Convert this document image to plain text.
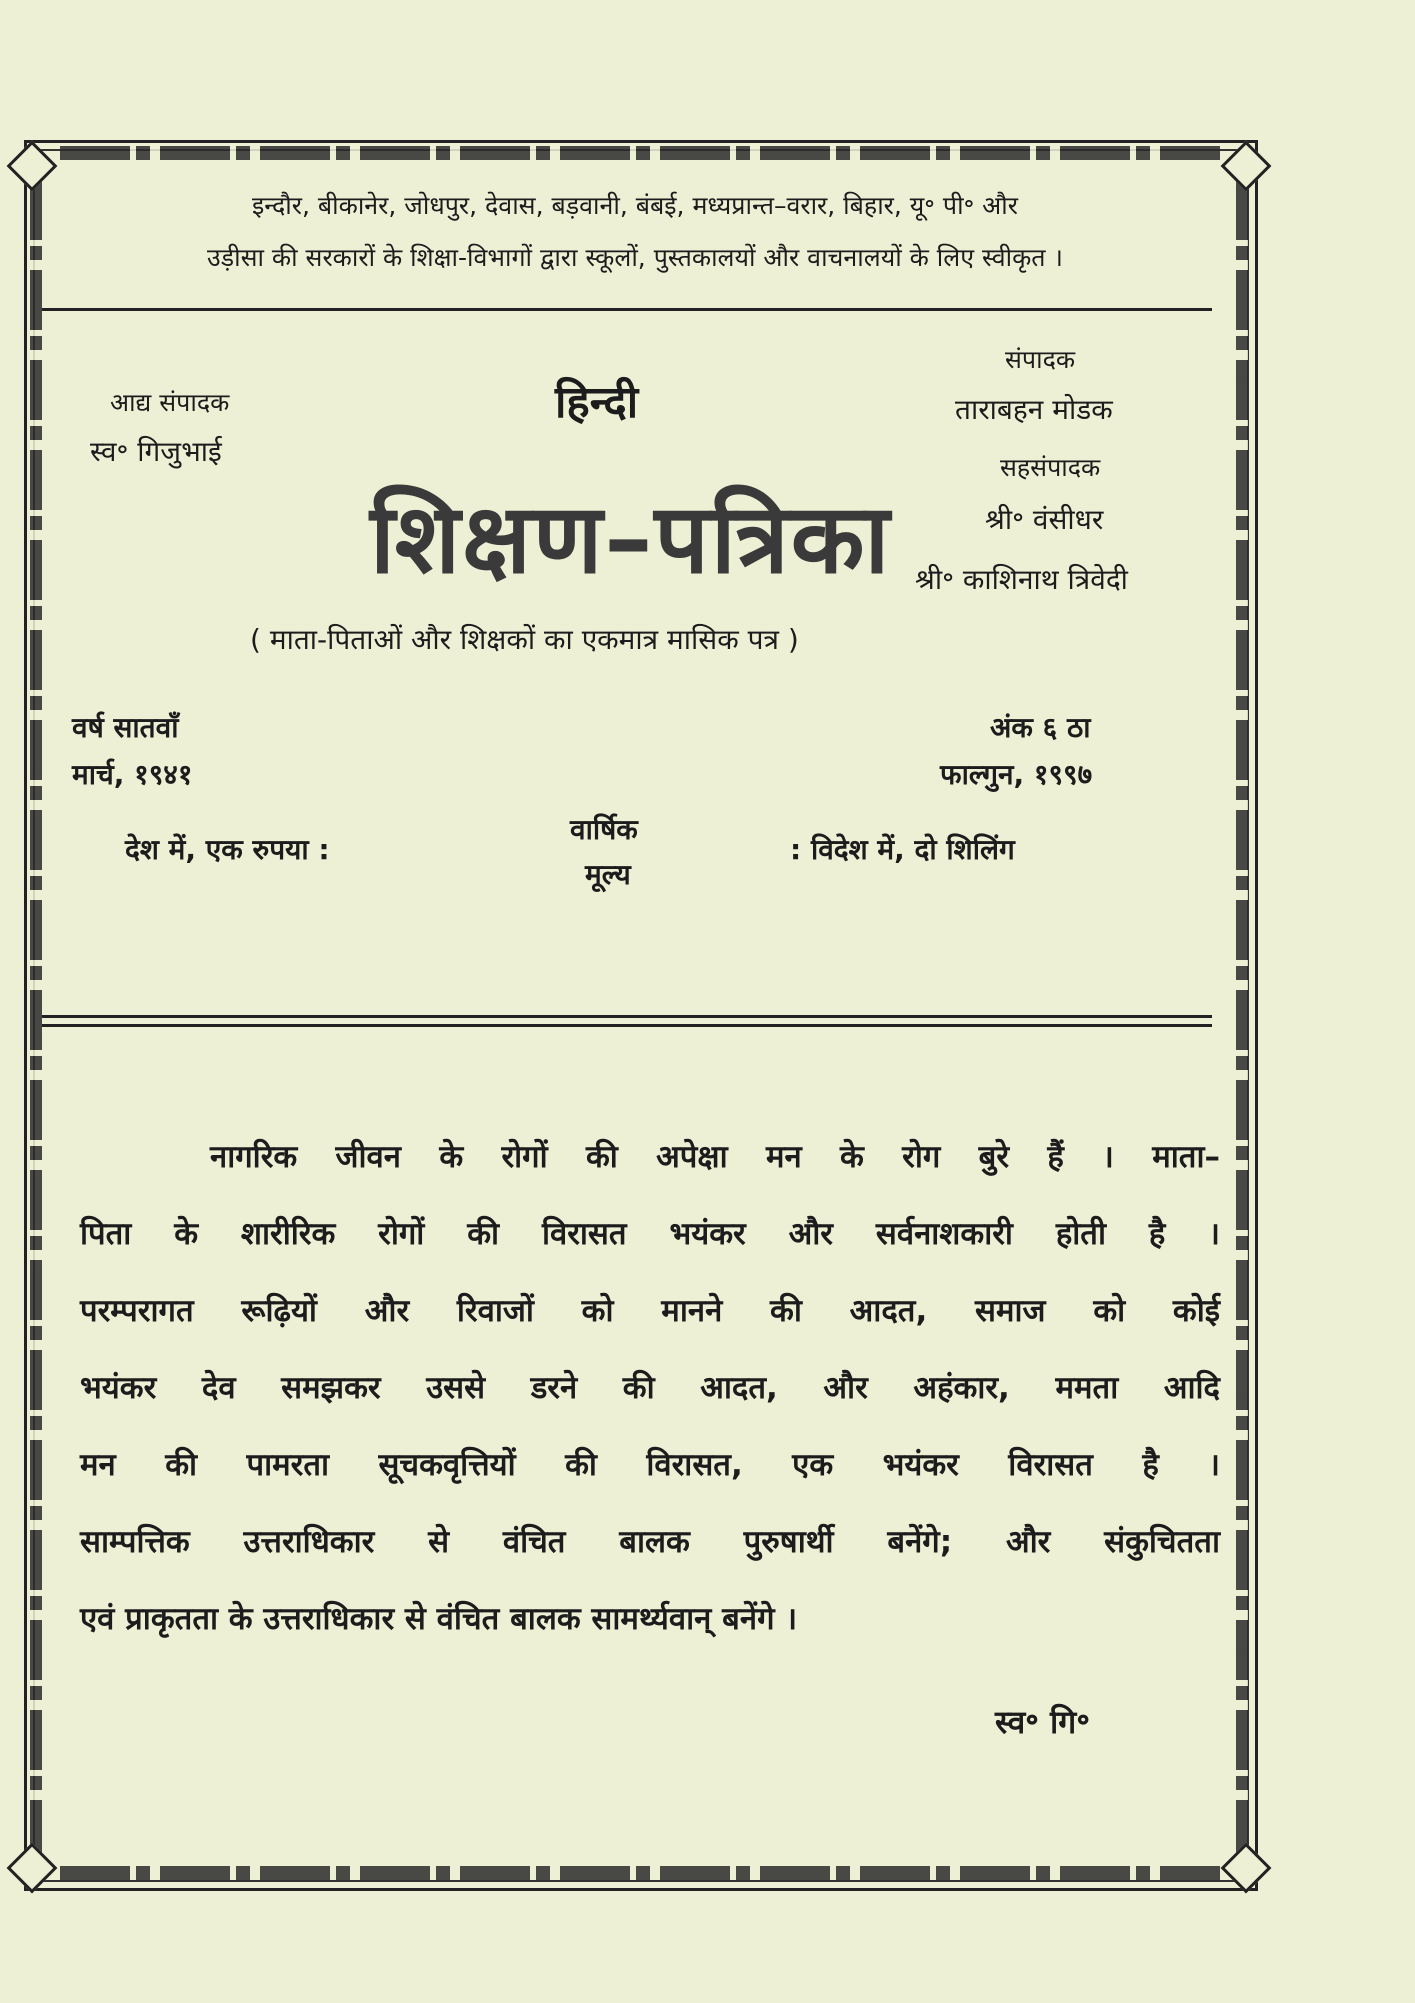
इन्दौर, बीकानेर, जोधपुर, देवास, बड़वानी, बंबई, मध्यप्रान्त–वरार, बिहार, यू॰ पी॰ और
उड़ीसा की सरकारों के शिक्षा-विभागों द्वारा स्कूलों, पुस्तकालयों और वाचनालयों के लिए स्वीकृत ।
आद्य संपादक
स्व॰ गिजुभाई
हिन्दी
शिक्षण–पत्रिका
( माता-पिताओं और शिक्षकों का एकमात्र मासिक पत्र )
संपादक
ताराबहन मोडक
सहसंपादक
श्री॰ वंसीधर
श्री॰ काशिनाथ त्रिवेदी
वर्ष सातवाँ
मार्च, १९४१
अंक ६ ठा
फाल्गुन, १९९७
देश में, एक रुपया :
वार्षिक
मूल्य
: विदेश में, दो शिलिंग
नागरिक जीवन के रोगों की अपेक्षा मन के रोग बुरे हैं । माता–
पिता के शारीरिक रोगों की विरासत भयंकर और सर्वनाशकारी होती है ।
परम्परागत रूढ़ियों और रिवाजों को मानने की आदत, समाज को कोई
भयंकर देव समझकर उससे डरने की आदत, और अहंकार, ममता आदि
मन की पामरता सूचकवृत्तियों की विरासत, एक भयंकर विरासत है ।
साम्पत्तिक उत्तराधिकार से वंचित बालक पुरुषार्थी बनेंगे; और संकुचितता
एवं प्राकृतता के उत्तराधिकार से वंचित बालक सामर्थ्यवान् बनेंगे ।
स्व॰ गि॰
